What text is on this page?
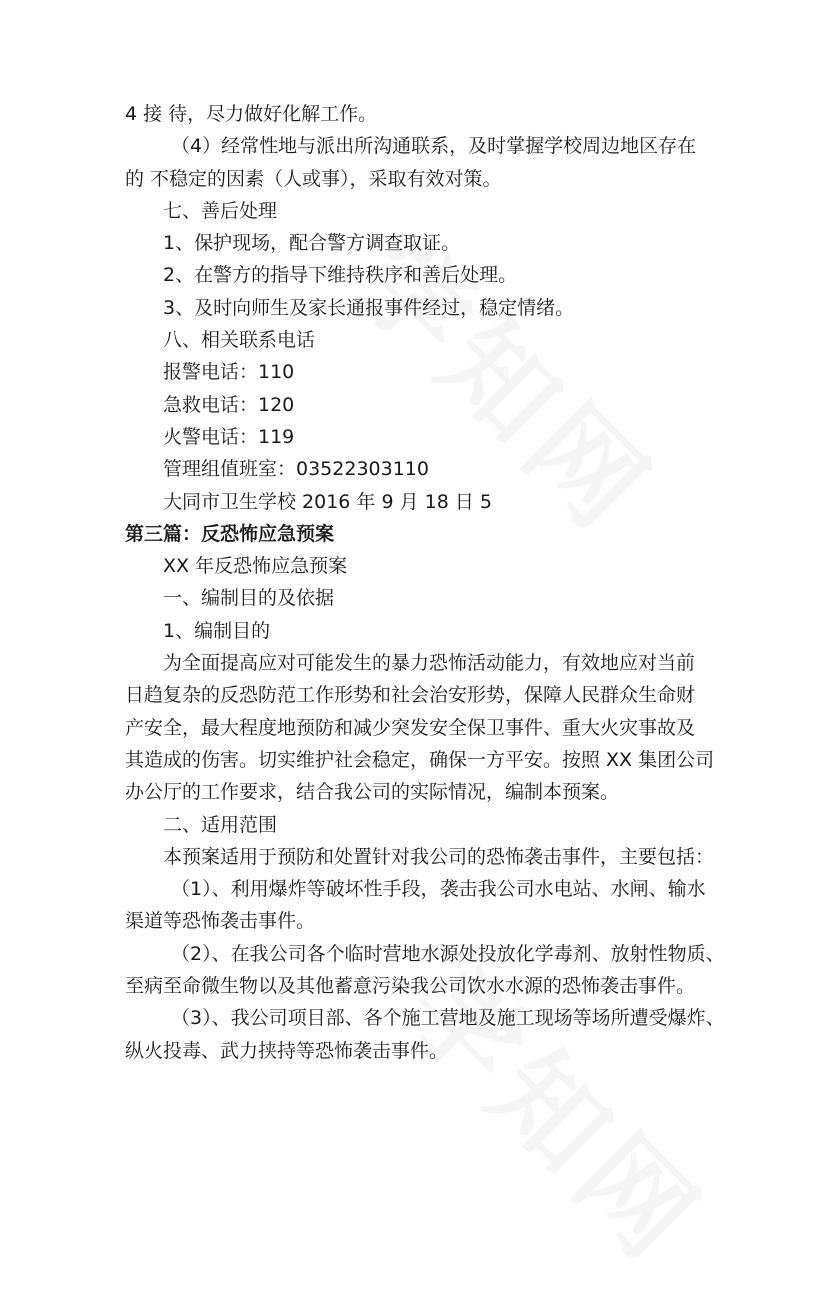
4 接 待，尽力做好化解工作。
（4）经常性地与派出所沟通联系，及时掌握学校周边地区存在
的 不稳定的因素（人或事），采取有效对策。
七、善后处理
1、保护现场，配合警方调查取证。
2、在警方的指导下维持秩序和善后处理。
3、及时向师生及家长通报事件经过，稳定情绪。
八、相关联系电话
报警电话：110
急救电话：120
火警电话：119
管理组值班室：03522303110
大同市卫生学校 2016 年 9 月 18 日 5
第三篇：反恐怖应急预案
XX 年反恐怖应急预案
一、编制目的及依据
1、编制目的
为全面提高应对可能发生的暴力恐怖活动能力，有效地应对当前
日趋复杂的反恐防范工作形势和社会治安形势，保障人民群众生命财
产安全，最大程度地预防和减少突发安全保卫事件、重大火灾事故及
其造成的伤害。切实维护社会稳定，确保一方平安。按照 XX 集团公司
办公厅的工作要求，结合我公司的实际情况，编制本预案。
二、适用范围
本预案适用于预防和处置针对我公司的恐怖袭击事件，主要包括：
（1）、利用爆炸等破坏性手段，袭击我公司水电站、水闸、输水
渠道等恐怖袭击事件。
（2）、在我公司各个临时营地水源处投放化学毒剂、放射性物质、
至病至命微生物以及其他蓄意污染我公司饮水水源的恐怖袭击事件。
（3）、我公司项目部、各个施工营地及施工现场等场所遭受爆炸、
纵火投毒、武力挟持等恐怖袭击事件。
